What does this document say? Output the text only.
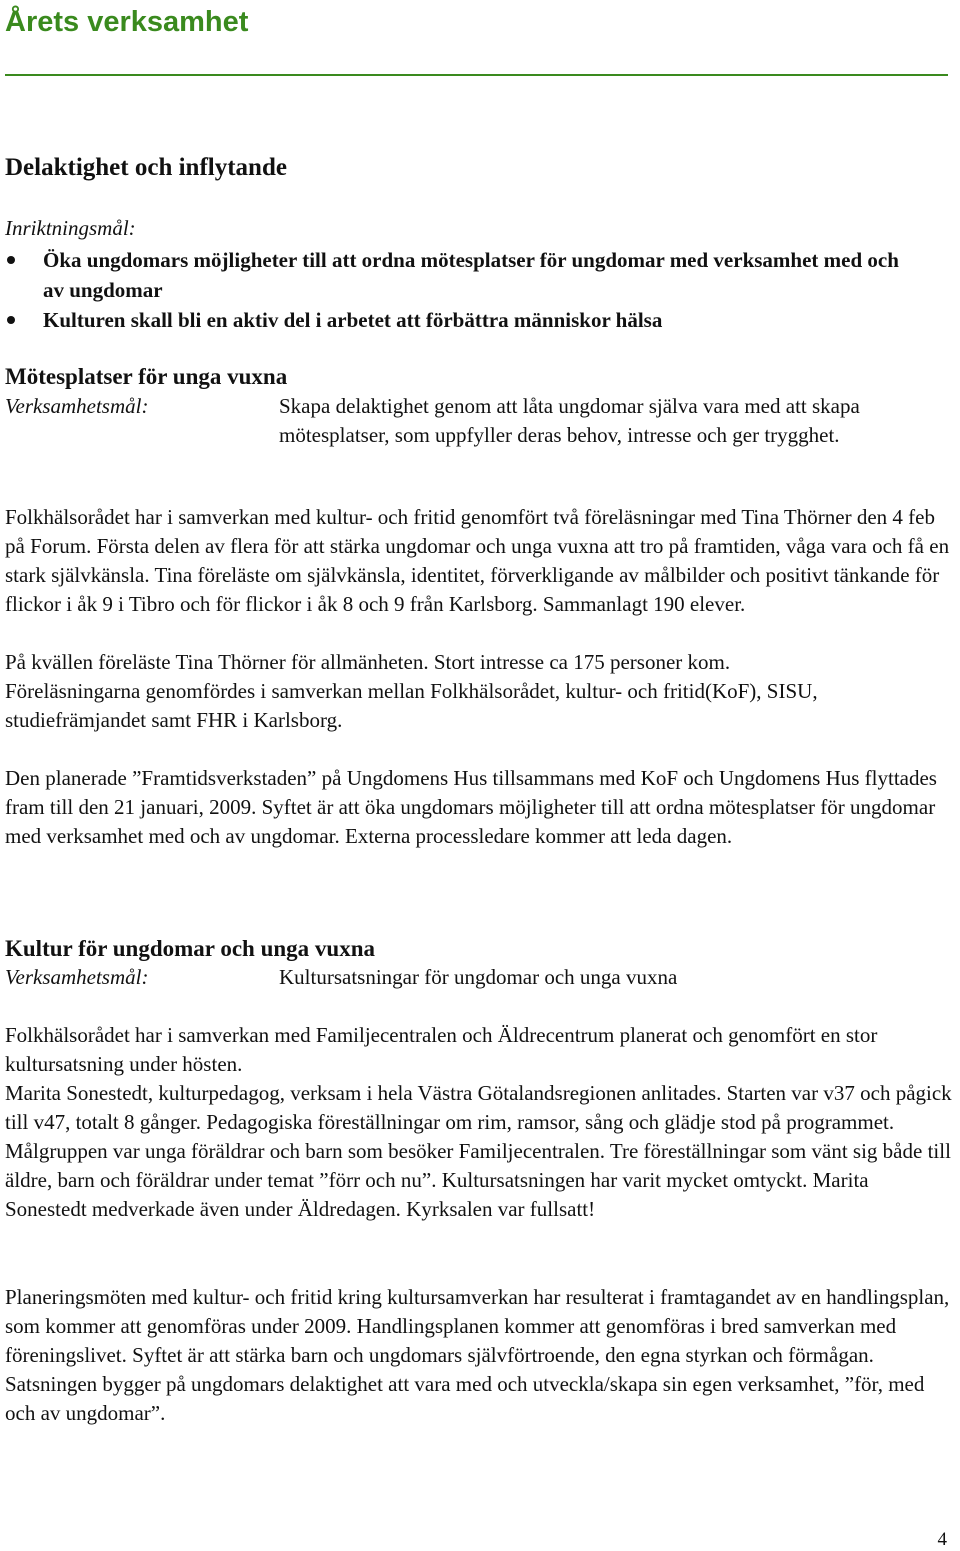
Årets verksamhet
Delaktighet och inflytande
Inriktningsmål:
Öka ungdomars möjligheter till att ordna mötesplatser för ungdomar med verksamhet med och av ungdomar
Kulturen skall bli en aktiv del i arbetet att förbättra människor hälsa
Mötesplatser för unga vuxna
Verksamhetsmål:	Skapa delaktighet genom att låta ungdomar själva vara med att skapa mötesplatser, som uppfyller deras behov, intresse och ger trygghet.

Folkhälsorådet har i samverkan med kultur- och fritid genomfört två föreläsningar med Tina Thörner den 4 feb på Forum. Första delen av flera för att stärka ungdomar och unga vuxna att tro på framtiden, våga vara och få en stark självkänsla. Tina föreläste om självkänsla, identitet, förverkligande av målbilder och positivt tänkande för flickor i åk 9 i Tibro och för flickor i åk 8 och 9 från Karlsborg. Sammanlagt 190 elever.

På kvällen föreläste Tina Thörner för allmänheten. Stort intresse ca 175 personer kom.

Föreläsningarna genomfördes i samverkan mellan Folkhälsorådet, kultur- och fritid(KoF), SISU, studiefrämjandet samt FHR i Karlsborg.

Den planerade ”Framtidsverkstaden” på Ungdomens Hus tillsammans med KoF och Ungdomens Hus flyttades fram till den 21 januari, 2009. Syftet är att öka ungdomars möjligheter till att ordna mötesplatser för ungdomar med verksamhet med och av ungdomar. Externa processledare kommer att leda dagen.

Kultur för ungdomar och unga vuxna
Verksamhetsmål:	Kultursatsningar för ungdomar och unga vuxna

Folkhälsorådet har i samverkan med Familjecentralen och Äldrecentrum planerat och genomfört en stor kultursatsning under hösten.

Marita Sonestedt, kulturpedagog, verksam i hela Västra Götalandsregionen anlitades. Starten var v37 och pågick till v47, totalt 8 gånger. Pedagogiska föreställningar om rim, ramsor, sång och glädje stod på programmet. Målgruppen var unga föräldrar och barn som besöker Familjecentralen. Tre föreställningar som vänt sig både till äldre, barn och föräldrar under temat ”förr och nu”. Kultursatsningen har varit mycket omtyckt. Marita Sonestedt medverkade även under Äldredagen. Kyrksalen var fullsatt!

Planeringsmöten med kultur- och fritid kring kultursamverkan har resulterat i framtagandet av en handlingsplan, som kommer att genomföras under 2009. Handlingsplanen kommer att genomföras i bred samverkan med föreningslivet. Syftet är att stärka barn och ungdomars självförtroende, den egna styrkan och förmågan. Satsningen bygger på ungdomars delaktighet att vara med och utveckla/skapa sin egen verksamhet, ”för, med och av ungdomar”.

4
